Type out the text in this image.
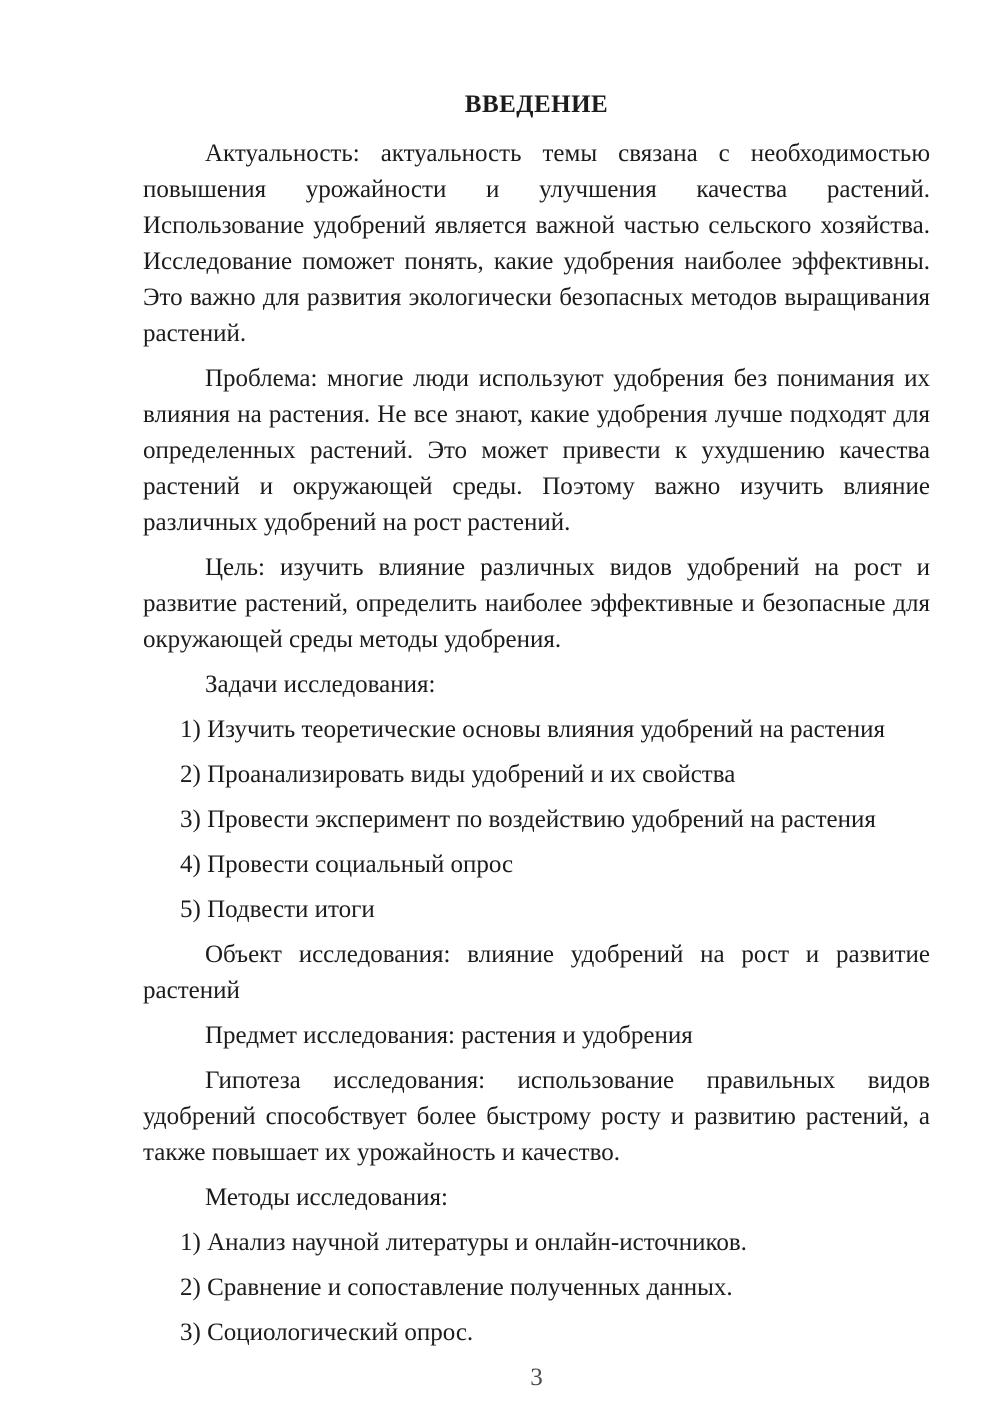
ВВЕДЕНИЕ

Актуальность: актуальность темы связана с необходимостью повышения урожайности и улучшения качества растений. Использование удобрений является важной частью сельского хозяйства. Исследование поможет понять, какие удобрения наиболее эффективны. Это важно для развития экологически безопасных методов выращивания растений.

Проблема: многие люди используют удобрения без понимания их влияния на растения. Не все знают, какие удобрения лучше подходят для определенных растений. Это может привести к ухудшению качества растений и окружающей среды. Поэтому важно изучить влияние различных удобрений на рост растений.

Цель: изучить влияние различных видов удобрений на рост и развитие растений, определить наиболее эффективные и безопасные для окружающей среды методы удобрения.

Задачи исследования:

1) Изучить теоретические основы влияния удобрений на растения
2) Проанализировать виды удобрений и их свойства
3) Провести эксперимент по воздействию удобрений на растения
4) Провести социальный опрос
5) Подвести итоги

Объект исследования: влияние удобрений на рост и развитие растений

Предмет исследования: растения и удобрения

Гипотеза исследования: использование правильных видов удобрений способствует более быстрому росту и развитию растений, а также повышает их урожайность и качество.

Методы исследования:

1) Анализ научной литературы и онлайн-источников.
2) Сравнение и сопоставление полученных данных.
3) Социологический опрос.
3
